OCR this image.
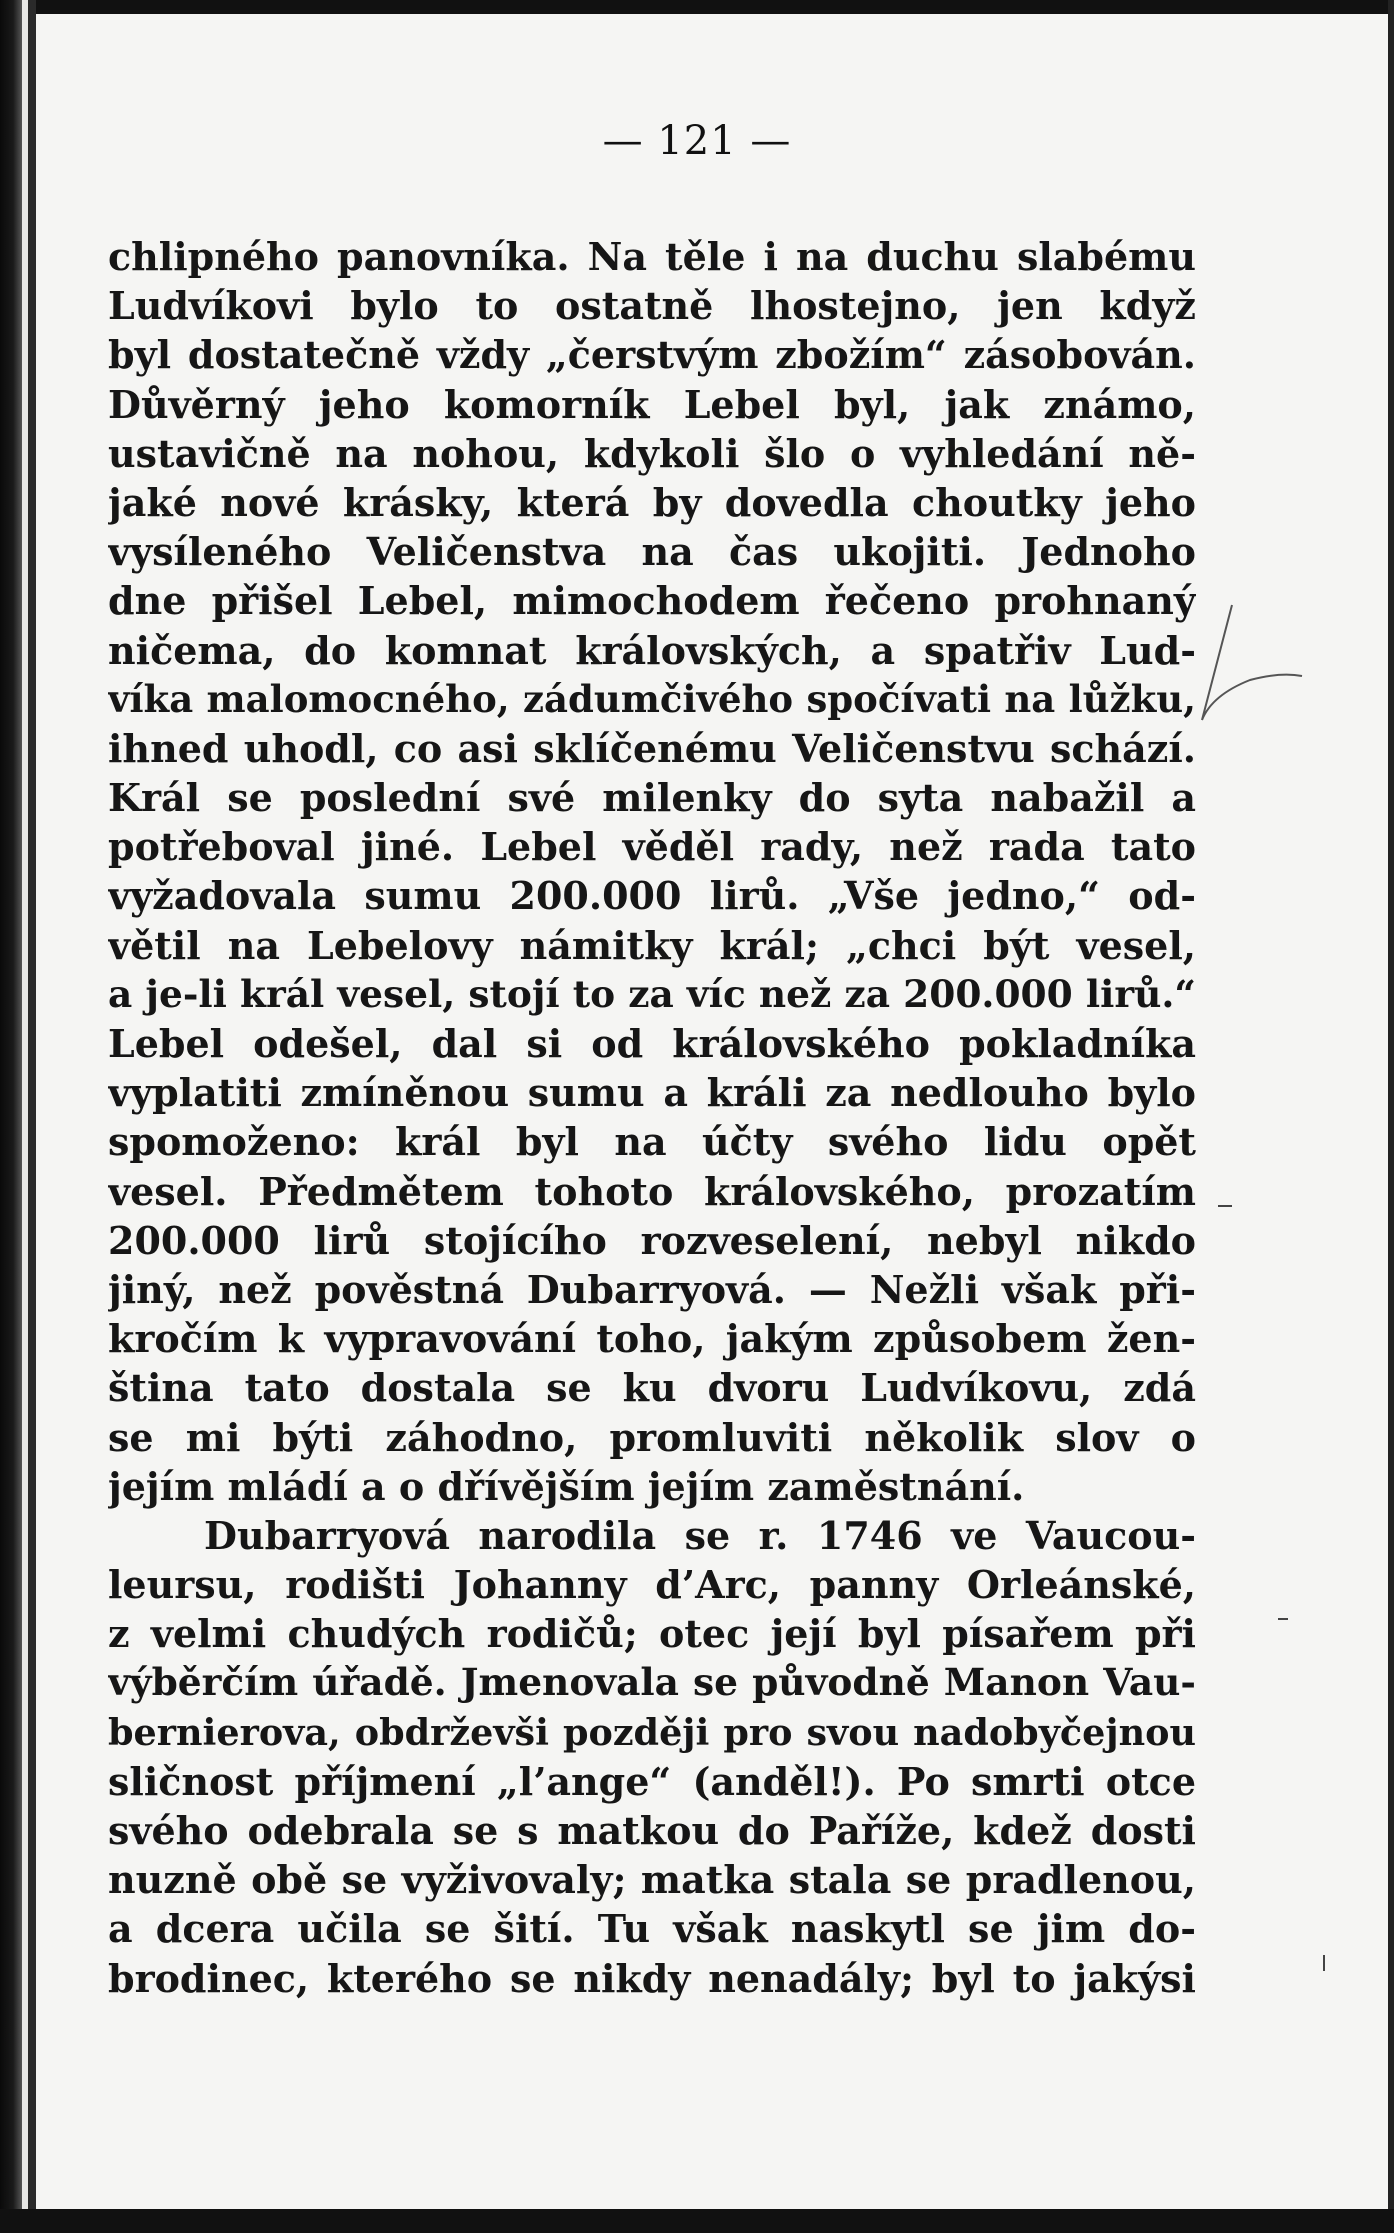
— 121 —
chlipného panovníka. Na těle i na duchu slabému
Ludvíkovi bylo to ostatně lhostejno, jen když
byl dostatečně vždy „čerstvým zbožím“ zásobován.
Důvěrný jeho komorník Lebel byl, jak známo,
ustavičně na nohou, kdykoli šlo o vyhledání ně-
jaké nové krásky, která by dovedla choutky jeho
vysíleného Veličenstva na čas ukojiti. Jednoho
dne přišel Lebel, mimochodem řečeno prohnaný
ničema, do komnat královských, a spatřiv Lud-
víka malomocného, zádumčivého spočívati na lůžku,
ihned uhodl, co asi sklíčenému Veličenstvu schází.
Král se poslední své milenky do syta nabažil a
potřeboval jiné. Lebel věděl rady, než rada tato
vyžadovala sumu 200.000 lirů. „Vše jedno,“ od-
větil na Lebelovy námitky král; „chci být vesel,
a je-li král vesel, stojí to za víc než za 200.000 lirů.“
Lebel odešel, dal si od královského pokladníka
vyplatiti zmíněnou sumu a králi za nedlouho bylo
spomoženo: král byl na účty svého lidu opět
vesel. Předmětem tohoto královského, prozatím
200.000 lirů stojícího rozveselení, nebyl nikdo
jiný, než pověstná Dubarryová. — Nežli však při-
kročím k vypravování toho, jakým způsobem žen-
ština tato dostala se ku dvoru Ludvíkovu, zdá
se mi býti záhodno, promluviti několik slov o
jejím mládí a o dřívějším jejím zaměstnání.
Dubarryová narodila se r. 1746 ve Vaucou-
leursu, rodišti Johanny d’Arc, panny Orleánské,
z velmi chudých rodičů; otec její byl písařem při
výběrčím úřadě. Jmenovala se původně Manon Vau-
bernierova, obdrževši později pro svou nadobyčejnou
sličnost příjmení „l’ange“ (anděl!). Po smrti otce
svého odebrala se s matkou do Paříže, kdež dosti
nuzně obě se vyživovaly; matka stala se pradlenou,
a dcera učila se šití. Tu však naskytl se jim do-
brodinec, kterého se nikdy nenadály; byl to jakýsi
